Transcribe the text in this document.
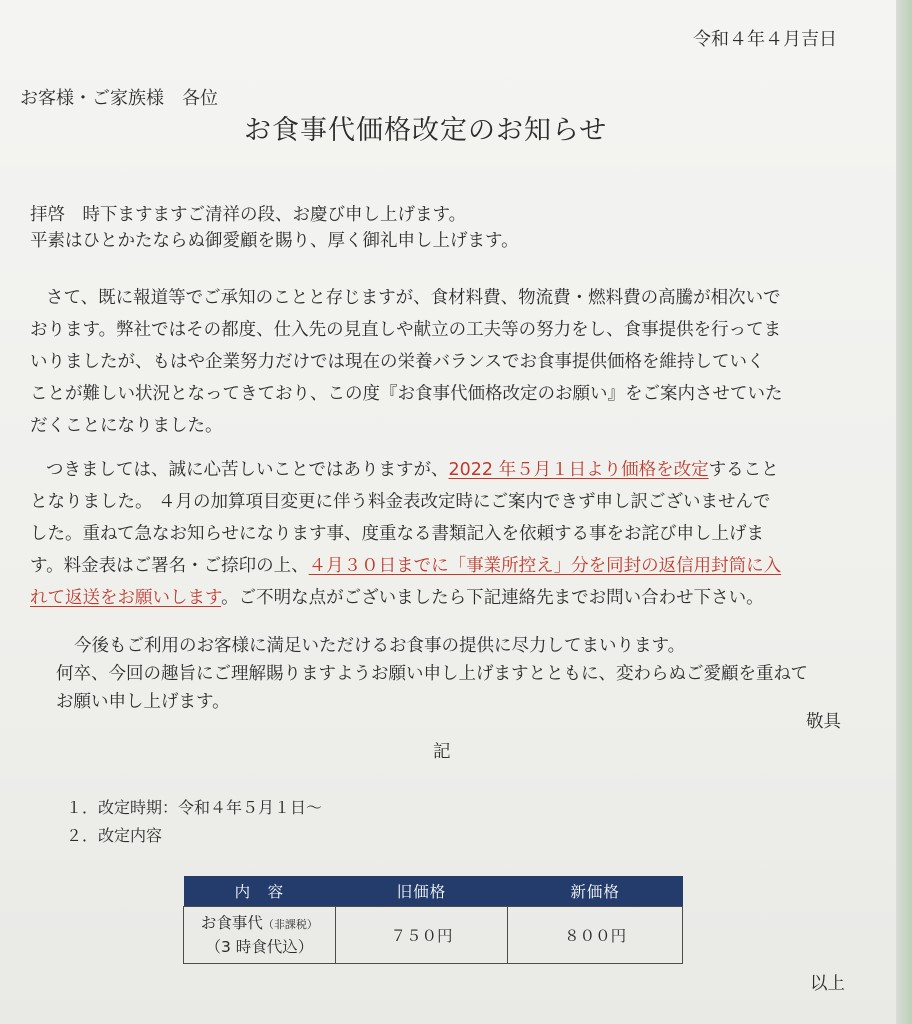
令和４年４月吉日
お客様・ご家族様　各位
お食事代価格改定のお知らせ
拝啓　時下ますますご清祥の段、お慶び申し上げます。
平素はひとかたならぬ御愛顧を賜り、厚く御礼申し上げます。
さて、既に報道等でご承知のことと存じますが、食材料費、物流費・燃料費の高騰が相次いで
おります。弊社ではその都度、仕入先の見直しや献立の工夫等の努力をし、食事提供を行ってま
いりましたが、もはや企業努力だけでは現在の栄養バランスでお食事提供価格を維持していく
ことが難しい状況となってきており、この度『お食事代価格改定のお願い』をご案内させていた
だくことになりました。
つきましては、誠に心苦しいことではありますが、2022 年５月１日より価格を改定すること
となりました。 ４月の加算項目変更に伴う料金表改定時にご案内できず申し訳ございませんで
した。重ねて急なお知らせになります事、度重なる書類記入を依頼する事をお詫び申し上げま
す。料金表はご署名・ご捺印の上、４月３０日までに「事業所控え」分を同封の返信用封筒に入
れて返送をお願いします。ご不明な点がございましたら下記連絡先までお問い合わせ下さい。
今後もご利用のお客様に満足いただけるお食事の提供に尽力してまいります。
何卒、今回の趣旨にご理解賜りますようお願い申し上げますとともに、変わらぬご愛顧を重ねて
お願い申し上げます。
敬具
記
１．改定時期：令和４年５月１日～
２．改定内容
内　容	旧価格	新価格
お食事代（非課税）
（3 時食代込）	７５０円	８００円
以上
